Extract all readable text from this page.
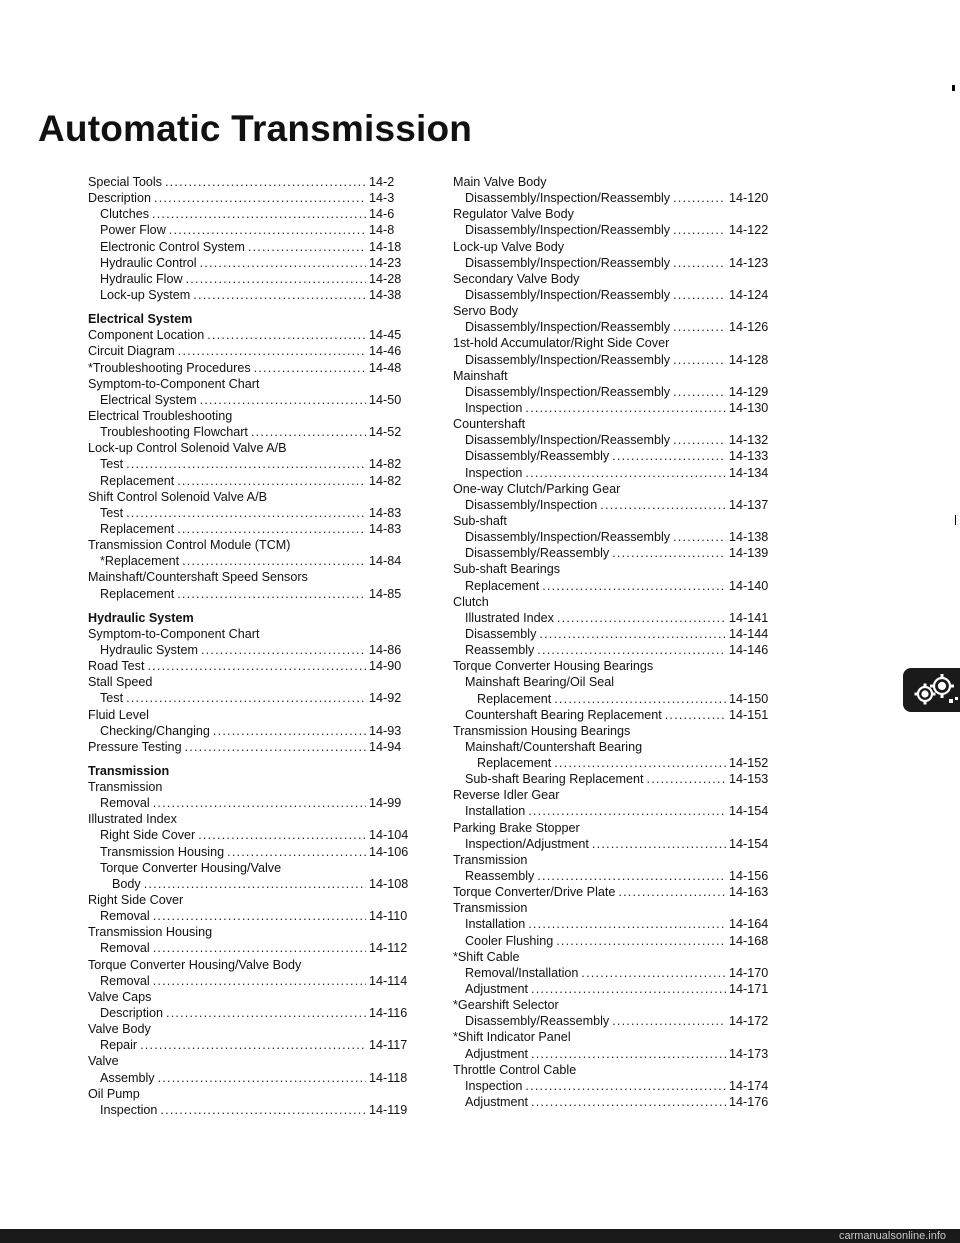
Automatic Transmission
Special Tools .....	14-2
Description .....	14-3
Clutches .....	14-6
Power Flow .....	14-8
Electronic Control System .....	14-18
Hydraulic Control .....	14-23
Hydraulic Flow .....	14-28
Lock-up System .....	14-38
Electrical System
Component Location .....	14-45
Circuit Diagram .....	14-46
*Troubleshooting Procedures .....	14-48
Symptom-to-Component Chart
Electrical System .....	14-50
Electrical Troubleshooting
Troubleshooting Flowchart .....	14-52
Lock-up Control Solenoid Valve A/B
Test .....	14-82
Replacement .....	14-82
Shift Control Solenoid Valve A/B
Test .....	14-83
Replacement .....	14-83
Transmission Control Module (TCM)
*Replacement .....	14-84
Mainshaft/Countershaft Speed Sensors
Replacement .....	14-85
Hydraulic System
Symptom-to-Component Chart
Hydraulic System .....	14-86
Road Test .....	14-90
Stall Speed
Test .....	14-92
Fluid Level
Checking/Changing .....	14-93
Pressure Testing .....	14-94
Transmission
Transmission
Removal .....	14-99
Illustrated Index
Right Side Cover .....	14-104
Transmission Housing .....	14-106
Torque Converter Housing/Valve
Body .....	14-108
Right Side Cover
Removal .....	14-110
Transmission Housing
Removal .....	14-112
Torque Converter Housing/Valve Body
Removal .....	14-114
Valve Caps
Description .....	14-116
Valve Body
Repair .....	14-117
Valve
Assembly .....	14-118
Oil Pump
Inspection .....	14-119
Main Valve Body
Disassembly/Inspection/Reassembly .....	14-120
Regulator Valve Body
Disassembly/Inspection/Reassembly .....	14-122
Lock-up Valve Body
Disassembly/Inspection/Reassembly .....	14-123
Secondary Valve Body
Disassembly/Inspection/Reassembly .....	14-124
Servo Body
Disassembly/Inspection/Reassembly .....	14-126
1st-hold Accumulator/Right Side Cover
Disassembly/Inspection/Reassembly .....	14-128
Mainshaft
Disassembly/Inspection/Reassembly .....	14-129
Inspection .....	14-130
Countershaft
Disassembly/Inspection/Reassembly .....	14-132
Disassembly/Reassembly .....	14-133
Inspection .....	14-134
One-way Clutch/Parking Gear
Disassembly/Inspection .....	14-137
Sub-shaft
Disassembly/Inspection/Reassembly .....	14-138
Disassembly/Reassembly .....	14-139
Sub-shaft Bearings
Replacement .....	14-140
Clutch
Illustrated Index .....	14-141
Disassembly .....	14-144
Reassembly .....	14-146
Torque Converter Housing Bearings
Mainshaft Bearing/Oil Seal
Replacement .....	14-150
Countershaft Bearing Replacement .....	14-151
Transmission Housing Bearings
Mainshaft/Countershaft Bearing
Replacement .....	14-152
Sub-shaft Bearing Replacement .....	14-153
Reverse Idler Gear
Installation .....	14-154
Parking Brake Stopper
Inspection/Adjustment .....	14-154
Transmission
Reassembly .....	14-156
Torque Converter/Drive Plate .....	14-163
Transmission
Installation .....	14-164
Cooler Flushing .....	14-168
*Shift Cable
Removal/Installation .....	14-170
Adjustment .....	14-171
*Gearshift Selector
Disassembly/Reassembly .....	14-172
*Shift Indicator Panel
Adjustment .....	14-173
Throttle Control Cable
Inspection .....	14-174
Adjustment .....	14-176
carmanualsonline.info
